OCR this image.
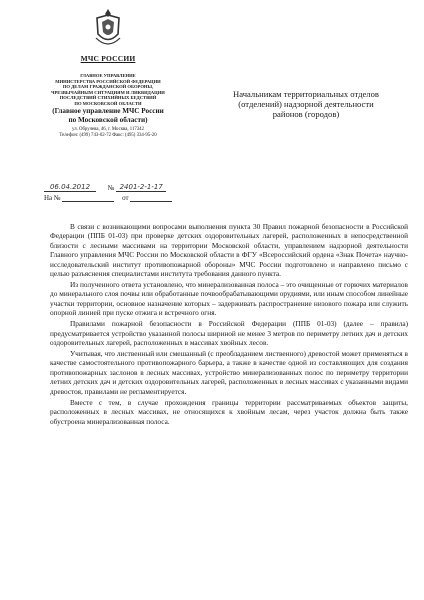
МЧС РОССИИ
ГЛАВНОЕ УПРАВЛЕНИЕ
МИНИСТЕРСТВА РОССИЙСКОЙ ФЕДЕРАЦИИ
ПО ДЕЛАМ ГРАЖДАНСКОЙ ОБОРОНЫ,
ЧРЕЗВЫЧАЙНЫМ СИТУАЦИЯМ И ЛИКВИДАЦИИ
ПОСЛЕДСТВИЙ СТИХИЙНЫХ БЕДСТВИЙ
ПО МОСКОВСКОЙ ОБЛАСТИ
(Главное управление МЧС России
по Московской области)
ул. Обручева, 46, г. Москва, 117342
Телефон: (499) 743-02-72 Факс: (495) 334-95-20
06.04.2012	№ 2401-2-1-17
На №	от
Начальникам территориальных отделов
(отделений) надзорной деятельности
районов (городов)

В связи с возникающими вопросами выполнения пункта 30 Правил пожарной безопасности в Российской Федерации (ППБ 01-03) при проверке детских оздоровительных лагерей, расположенных в непосредственной близости с лесными массивами на территории Московской области, управлением надзорной деятельности Главного управления МЧС России по Московской области в ФГУ «Всероссийский ордена «Знак Почета» научно-исследовательский институт противопожарной обороны» МЧС России подготовлено и направлено письмо с целью разъяснения специалистами института требования данного пункта.

Из полученного ответа установлено, что минерализованная полоса – это очищенные от горючих материалов до минерального слоя почвы или обработанные почвообрабатывающими орудиями, или иным способом линейные участки территории, основное назначение которых – задерживать распространение низового пожара или служить опорной линией при пуске отжига и встречного огня.

Правилами пожарной безопасности в Российской Федерации (ППБ 01-03) (далее – правила) предусматривается устройство указанной полосы шириной не менее 3 метров по периметру летних дач и детских оздоровительных лагерей, расположенных в массивах хвойных лесов.

Учитывая, что лиственный или смешанный (с преобладанием лиственного) древостой может применяться в качестве самостоятельного противопожарного барьера, а также в качестве одной из составляющих для создания противопожарных заслонов в лесных массивах, устройство минерализованных полос по периметру территории летних детских дач и детских оздоровительных лагерей, расположенных в лесных массивах с указанными видами древостоя, правилами не регламентируется.

Вместе с тем, в случае прохождения границы территории рассматриваемых объектов защиты, расположенных в лесных массивах, не относящихся к хвойным лесам, через участок должна быть также обустроена минерализованная полоса.
